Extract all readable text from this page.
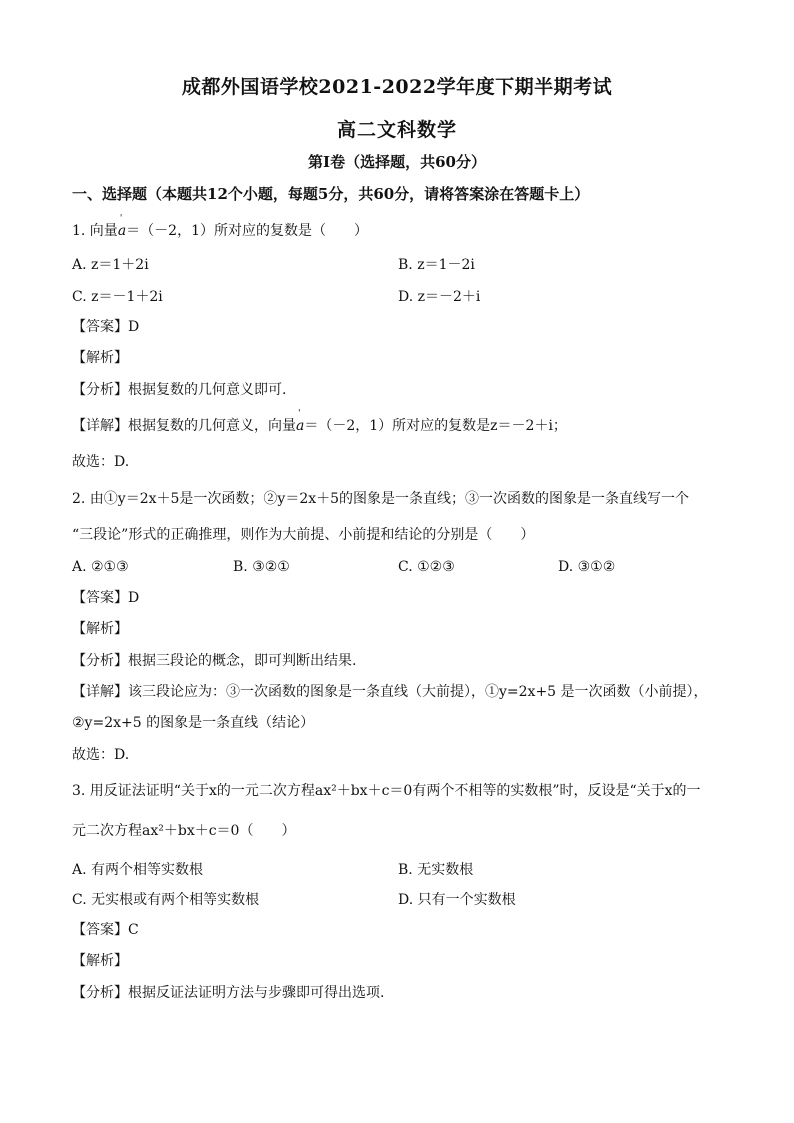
成都外国语学校2021-2022学年度下期半期考试
高二文科数学
第Ⅰ卷（选择题，共60分）
一、选择题（本题共12个小题，每题5分，共60分，请将答案涂在答题卡上）
1. 向量
'
a＝（－2，1）所对应的复数是（　　）
A. z＝1＋2i	B. z＝1－2i
C. z＝－1＋2i	D. z＝－2＋i
【答案】D
【解析】
【分析】根据复数的几何意义即可.
【详解】根据复数的几何意义，向量
'
a＝（－2，1）所对应的复数是z＝－2＋i；
故选：D.
2. 由①y＝2x＋5是一次函数；②y＝2x＋5的图象是一条直线；③一次函数的图象是一条直线写一个
“三段论”形式的正确推理，则作为大前提、小前提和结论的分别是（　　）
A. ②①③	B. ③②①	C. ①②③	D. ③①②
【答案】D
【解析】
【分析】根据三段论的概念，即可判断出结果.
【详解】该三段论应为：③一次函数的图象是一条直线（大前提），①y=2x+5 是一次函数（小前提），
②y=2x+5 的图象是一条直线（结论）
故选：D.
3. 用反证法证明“关于x的一元二次方程ax²＋bx＋c＝0有两个不相等的实数根”时，反设是“关于x的一
元二次方程ax²＋bx＋c＝0（　　）
A. 有两个相等实数根	B. 无实数根
C. 无实根或有两个相等实数根	D. 只有一个实数根
【答案】C
【解析】
【分析】根据反证法证明方法与步骤即可得出选项.
